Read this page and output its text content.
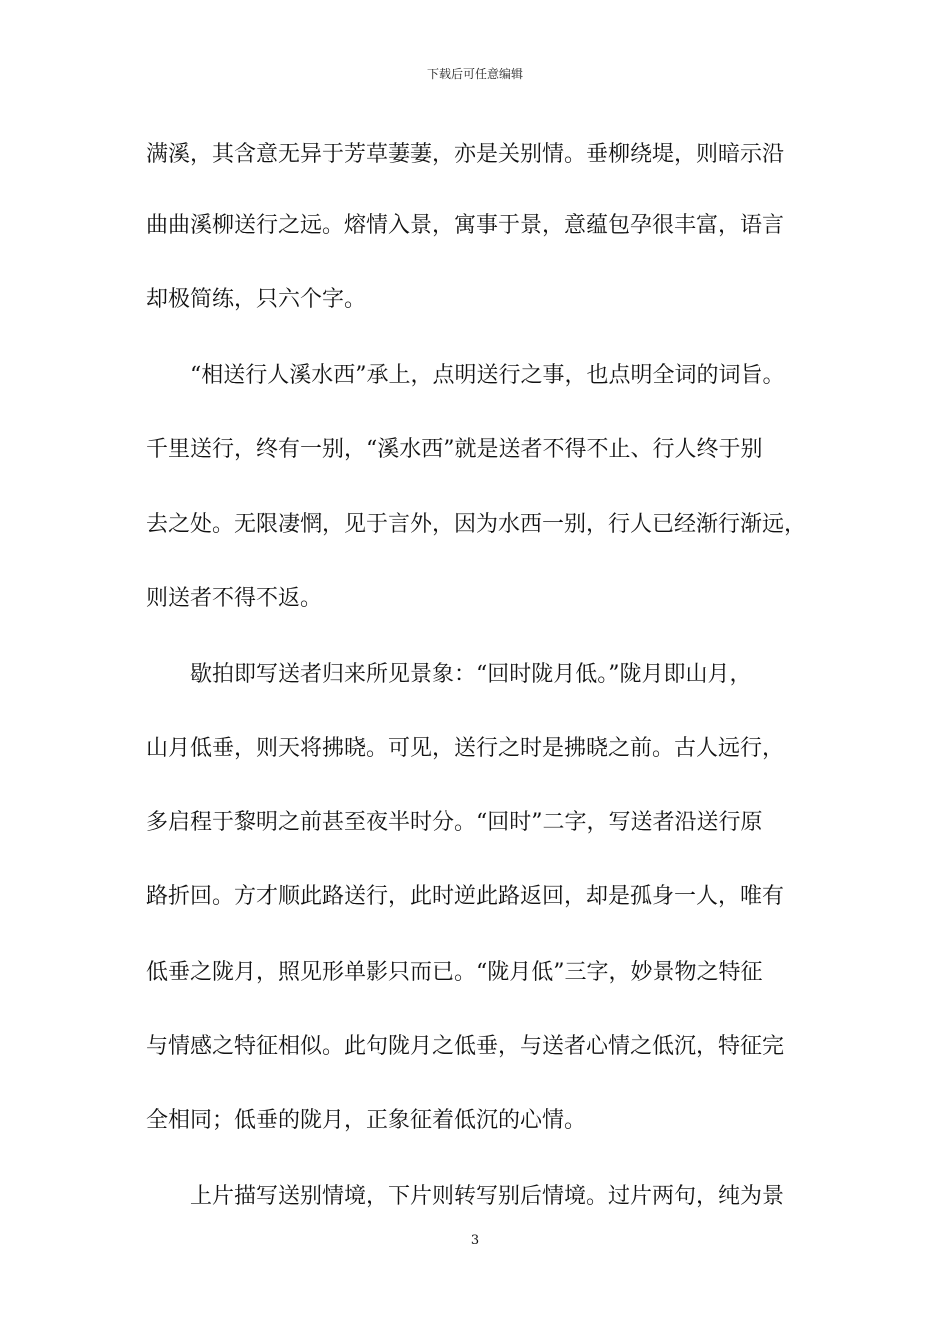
下载后可任意编辑
满溪，其含意无异于芳草萋萋，亦是关别情。垂柳绕堤，则暗示沿
曲曲溪柳送行之远。熔情入景，寓事于景，意蕴包孕很丰富，语言
却极简练，只六个字。
　　“相送行人溪水西”承上，点明送行之事，也点明全词的词旨。
千里送行，终有一别，“溪水西”就是送者不得不止、行人终于别
去之处。无限凄惘，见于言外，因为水西一别，行人已经渐行渐远，
则送者不得不返。
　　歇拍即写送者归来所见景象：“回时陇月低。”陇月即山月，
山月低垂，则天将拂晓。可见，送行之时是拂晓之前。古人远行，
多启程于黎明之前甚至夜半时分。“回时”二字，写送者沿送行原
路折回。方才顺此路送行，此时逆此路返回，却是孤身一人，唯有
低垂之陇月，照见形单影只而已。“陇月低”三字，妙景物之特征
与情感之特征相似。此句陇月之低垂，与送者心情之低沉，特征完
全相同；低垂的陇月，正象征着低沉的心情。
　　上片描写送别情境，下片则转写别后情境。过片两句，纯为景
3
